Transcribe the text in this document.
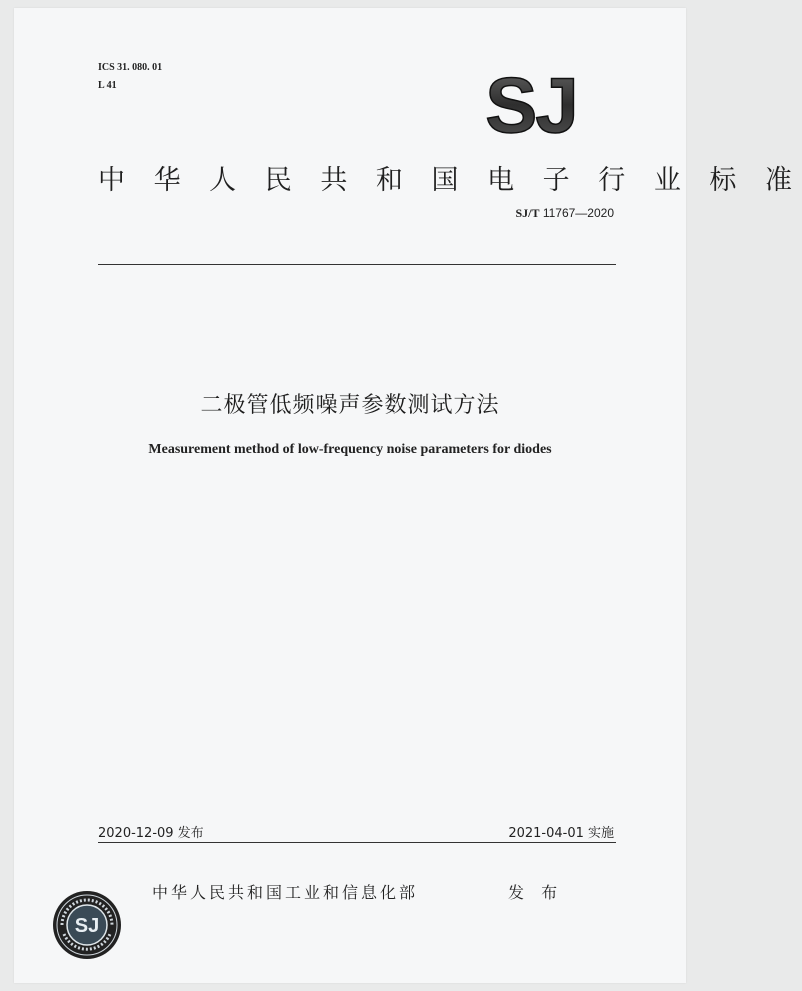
ICS 31. 080. 01
L 41	SJ
中 华 人 民 共 和 国 电 子 行 业 标 准
SJ/T 11767—2020
二极管低频噪声参数测试方法
Measurement method of low-frequency noise parameters for diodes
2020-12-09 发布	2021-04-01 实施
中华人民共和国工业和信息化部	发 布
SJ
